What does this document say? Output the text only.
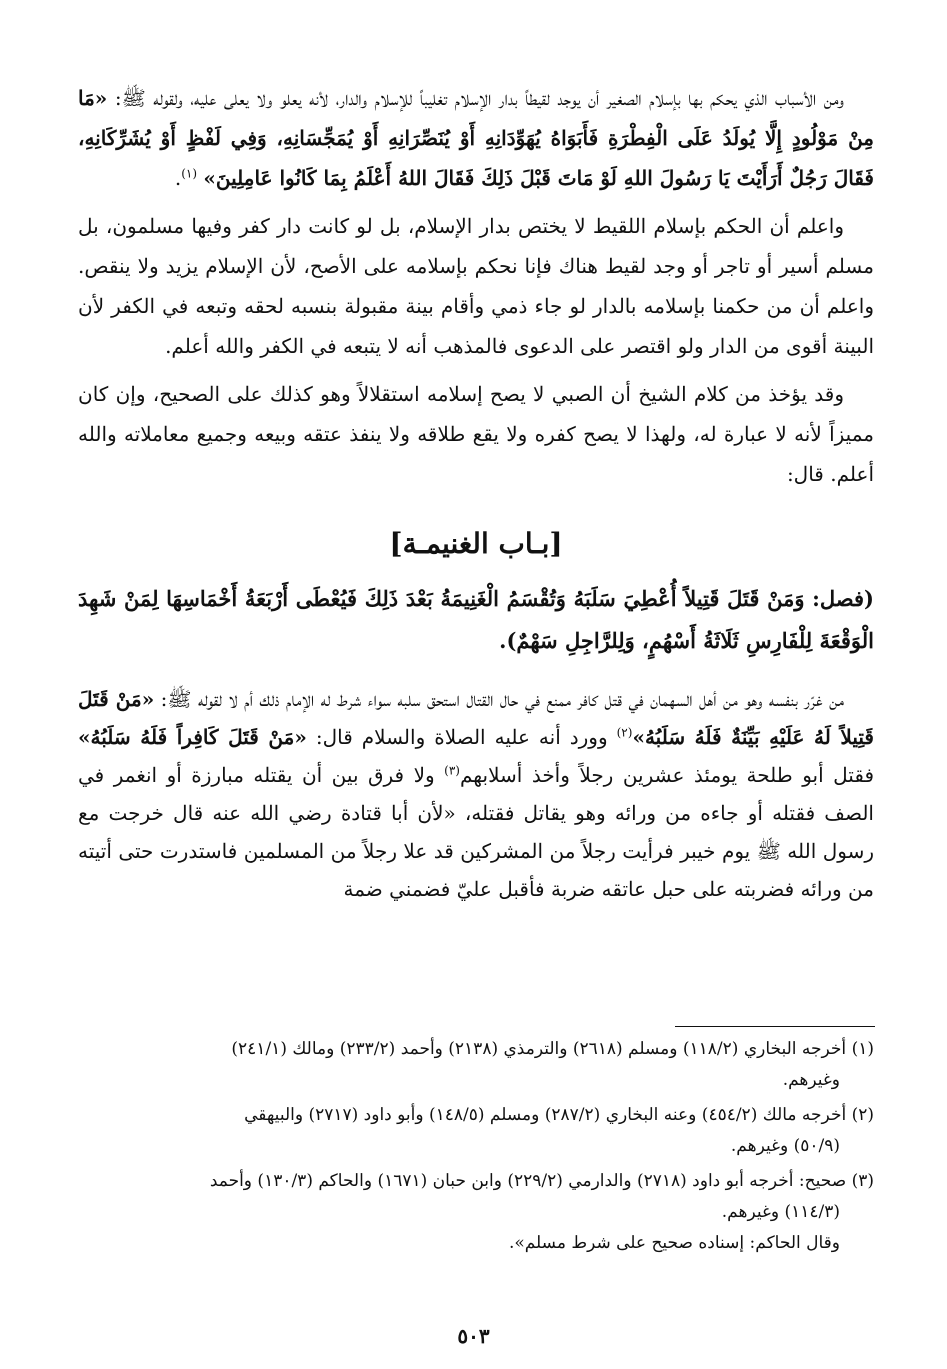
ومن الأسباب الذي يحكم بها بإسلام الصغير أن يوجد لقيطاً بدار الإسلام تغليباً للإسلام والدار، لأنه يعلو ولا يعلى عليه، ولقوله ﷺ: «مَا مِنْ مَوْلُودٍ إِلَّا يُولَدُ عَلَى الْفِطْرَةِ فَأَبَوَاهُ يُهَوِّدَانِهِ أَوْ يُنَصِّرَانِهِ أَوْ يُمَجِّسَانِهِ، وَفِي لَفْظٍ أَوْ يُشَرِّكَانِهِ، فَقَالَ رَجُلٌ أَرَأَيْتَ يَا رَسُولَ اللهِ لَوْ مَاتَ قَبْلَ ذَلِكَ فَقَالَ اللهُ أَعْلَمُ بِمَا كَانُوا عَامِلِينَ» $^{(١)}$.

واعلم أن الحكم بإسلام اللقيط لا يختص بدار الإسلام، بل لو كانت دار كفر وفيها مسلمون، بل مسلم أسير أو تاجر أو وجد لقيط هناك فإنا نحكم بإسلامه على الأصح، لأن الإسلام يزيد ولا ينقص. واعلم أن من حكمنا بإسلامه بالدار لو جاء ذمي وأقام بينة مقبولة بنسبه لحقه وتبعه في الكفر لأن البينة أقوى من الدار ولو اقتصر على الدعوى فالمذهب أنه لا يتبعه في الكفر والله أعلم.

وقد يؤخذ من كلام الشيخ أن الصبي لا يصح إسلامه استقلالاً وهو كذلك على الصحيح، وإن كان مميزاً لأنه لا عبارة له، ولهذا لا يصح كفره ولا يقع طلاقه ولا ينفذ عتقه وبيعه وجميع معاملاته والله أعلم. قال:

[بـاب الغنيمـة]

(فصل: وَمَنْ قَتَلَ قَتِيلاً أُعْطِيَ سَلَبَهُ وَتُقْسَمُ الْغَنِيمَةُ بَعْدَ ذَلِكَ فَيُعْطَى أَرْبَعَةُ أَخْمَاسِهَا لِمَنْ شَهِدَ الْوَقْعَةَ لِلْفَارِسِ ثَلَاثَةُ أَسْهُمٍ، وَلِلرَّاجِلِ سَهْمٌ).

من غرّر بنفسه وهو من أهل السهمان في قتل كافر ممنع في حال القتال استحق سلبه سواء شرط له الإمام ذلك أم لا لقوله ﷺ: «مَنْ قَتَلَ قَتِيلاً لَهُ عَلَيْهِ بَيِّنَةٌ فَلَهُ سَلَبُهُ»$^{(٢)}$ وورد أنه عليه الصلاة والسلام قال: «مَنْ قَتَلَ كَافِراً فَلَهُ سَلَبُهُ» فقتل أبو طلحة يومئذ عشرين رجلاً وأخذ أسلابهم$^{(٣)}$ ولا فرق بين أن يقتله مبارزة أو انغمر في الصف فقتله أو جاءه من ورائه وهو يقاتل فقتله، «لأن أبا قتادة رضي الله عنه قال خرجت مع رسول الله ﷺ يوم خيبر فرأيت رجلاً من المشركين قد علا رجلاً من المسلمين فاستدرت حتى أتيته من ورائه فضربته على حبل عاتقه ضربة فأقبل عليّ فضمني ضمة

(١) أخرجه البخاري (١١٨/٢) ومسلم (٢٦١٨) والترمذي (٢١٣٨) وأحمد (٢٣٣/٢) ومالك (٢٤١/١)
وغيرهم.

(٢) أخرجه مالك (٤٥٤/٢) وعنه البخاري (٢٨٧/٢) ومسلم (١٤٨/٥) وأبو داود (٢٧١٧) والبيهقي
(٥٠/٩) وغيرهم.

(٣) صحيح: أخرجه أبو داود (٢٧١٨) والدارمي (٢٢٩/٢) وابن حبان (١٦٧١) والحاكم (١٣٠/٣) وأحمد
(١١٤/٣) وغيرهم.
وقال الحاكم: إسناده صحيح على شرط مسلم».

٥٠٣
